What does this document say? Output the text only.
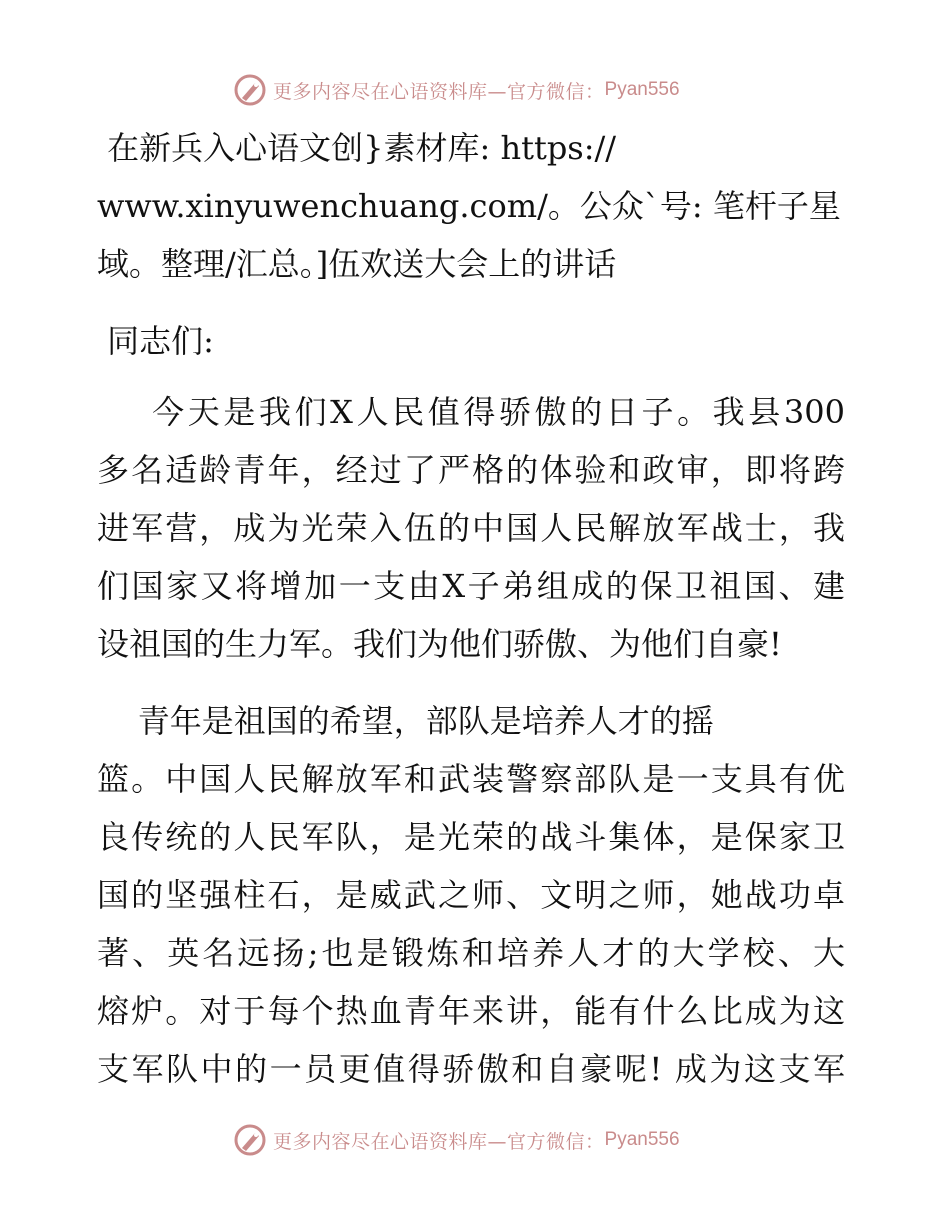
更多内容尽在心语资料库—官方微信： Pyan556
在新兵入心语文创}素材库: https://
www.xinyuwenchuang.com/。公众`号: 笔杆子星
域。整理/汇总。]伍欢送大会上的讲话
同志们:
今天是我们X人民值得骄傲的日子。我县300
多名适龄青年，经过了严格的体验和政审，即将跨
进军营，成为光荣入伍的中国人民解放军战士，我
们国家又将增加一支由X子弟组成的保卫祖国、建
设祖国的生力军。我们为他们骄傲、为他们自豪!
青年是祖国的希望，部队是培养人才的摇
篮。中国人民解放军和武装警察部队是一支具有优
良传统的人民军队，是光荣的战斗集体，是保家卫
国的坚强柱石，是威武之师、文明之师，她战功卓
著、英名远扬;也是锻炼和培养人才的大学校、大
熔炉。对于每个热血青年来讲，能有什么比成为这
支军队中的一员更值得骄傲和自豪呢! 成为这支军
更多内容尽在心语资料库—官方微信： Pyan556
